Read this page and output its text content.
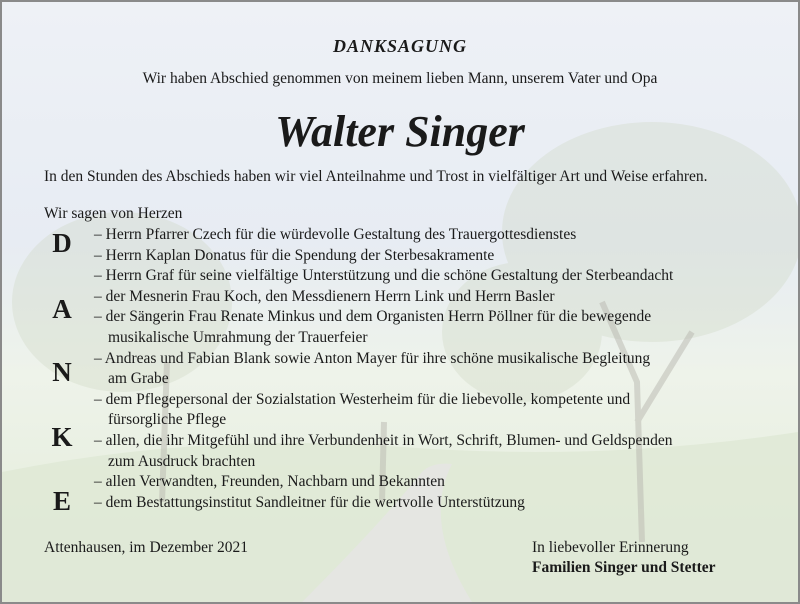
DANKSAGUNG
Wir haben Abschied genommen von meinem lieben Mann, unserem Vater und Opa
Walter Singer
In den Stunden des Abschieds haben wir viel Anteilnahme und Trost in vielfältiger Art und Weise erfahren.
Wir sagen von Herzen
D
A
N
K
E
– Herrn Pfarrer Czech für die würdevolle Gestaltung des Trauergottesdienstes
– Herrn Kaplan Donatus für die Spendung der Sterbesakramente
– Herrn Graf für seine vielfältige Unterstützung und die schöne Gestaltung der Sterbeandacht
– der Mesnerin Frau Koch, den Messdienern Herrn Link und Herrn Basler
– der Sängerin Frau Renate Minkus und dem Organisten Herrn Pöllner für die bewegende
musikalische Umrahmung der Trauerfeier
– Andreas und Fabian Blank sowie Anton Mayer für ihre schöne musikalische Begleitung
am Grabe
– dem Pflegepersonal der Sozialstation Westerheim für die liebevolle, kompetente und
fürsorgliche Pflege
– allen, die ihr Mitgefühl und ihre Verbundenheit in Wort, Schrift, Blumen- und Geldspenden
zum Ausdruck brachten
– allen Verwandten, Freunden, Nachbarn und Bekannten
– dem Bestattungsinstitut Sandleitner für die wertvolle Unterstützung
Attenhausen, im Dezember 2021	In liebevoller Erinnerung
Familien Singer und Stetter
